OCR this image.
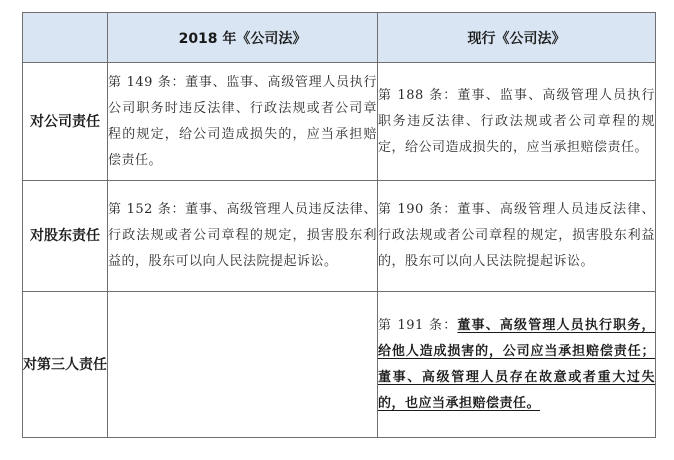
	2018 年《公司法》	现行《公司法》
对公司责任	第 149 条：董事、监事、高级管理人员执行公司职务时违反法律、行政法规或者公司章程的规定，给公司造成损失的，应当承担赔偿责任。	第 188 条：董事、监事、高级管理人员执行职务违反法律、行政法规或者公司章程的规定，给公司造成损失的，应当承担赔偿责任。
对股东责任	第 152 条：董事、高级管理人员违反法律、行政法规或者公司章程的规定，损害股东利益的，股东可以向人民法院提起诉讼。	第 190 条：董事、高级管理人员违反法律、行政法规或者公司章程的规定，损害股东利益的，股东可以向人民法院提起诉讼。
对第三人责任		第 191 条：董事、高级管理人员执行职务，给他人造成损害的，公司应当承担赔偿责任；董事、高级管理人员存在故意或者重大过失的，也应当承担赔偿责任。
